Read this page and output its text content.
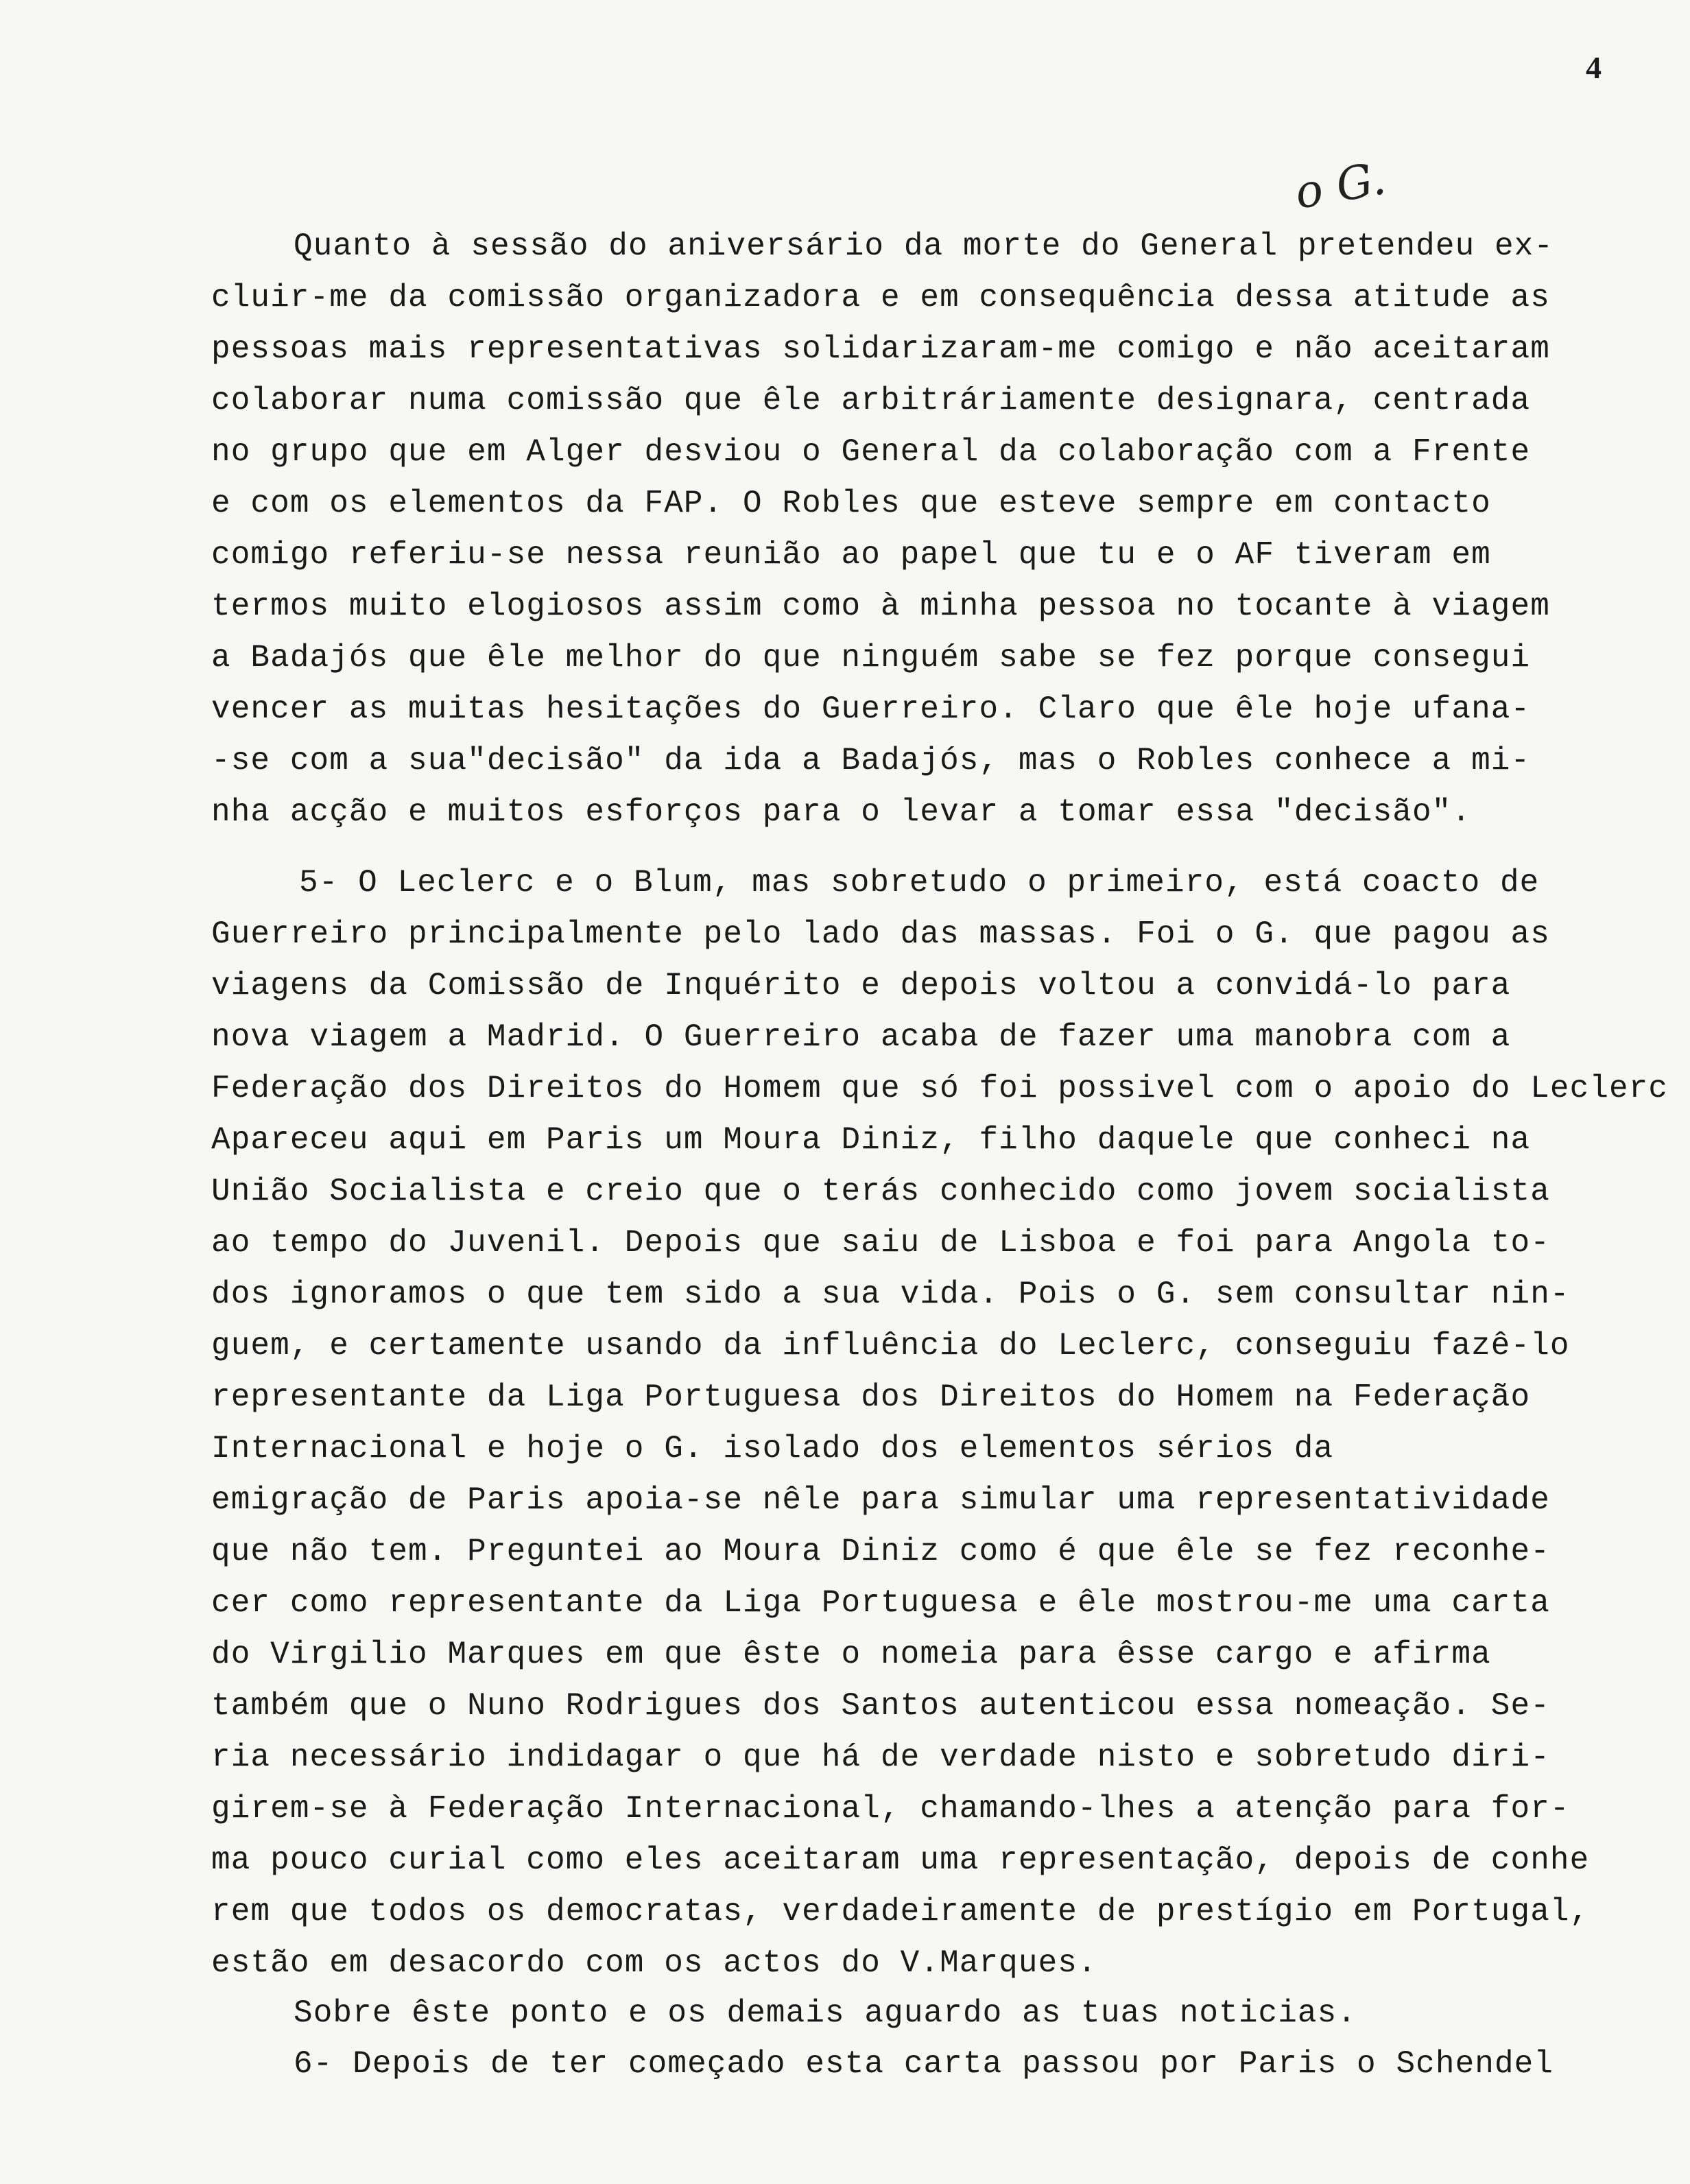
4
o G.
Quanto à sessão do aniversário da morte do General pretendeu ex-
cluir-me da comissão organizadora e em consequência dessa atitude as
pessoas mais representativas solidarizaram-me comigo e não aceitaram
colaborar numa comissão que êle arbitráriamente designara, centrada
no grupo que em Alger desviou o General da colaboração com a Frente
e com os elementos da FAP. O Robles que esteve sempre em contacto
comigo referiu-se nessa reunião ao papel que tu e o AF tiveram em
termos muito elogiosos assim como à minha pessoa no tocante à viagem
a Badajós que êle melhor do que ninguém sabe se fez porque consegui
vencer as muitas hesitações do Guerreiro. Claro que êle hoje ufana-
-se com a sua"decisão" da ida a Badajós, mas o Robles conhece a mi-
nha acção e muitos esforços para o levar a tomar essa "decisão".
5- O Leclerc e o Blum, mas sobretudo o primeiro, está coacto de
Guerreiro principalmente pelo lado das massas. Foi o G. que pagou as
viagens da Comissão de Inquérito e depois voltou a convidá-lo para
nova viagem a Madrid. O Guerreiro acaba de fazer uma manobra com a
Federação dos Direitos do Homem que só foi possivel com o apoio do Leclerc
Apareceu aqui em Paris um Moura Diniz, filho daquele que conheci na
União Socialista e creio que o terás conhecido como jovem socialista
ao tempo do Juvenil. Depois que saiu de Lisboa e foi para Angola to-
dos ignoramos o que tem sido a sua vida. Pois o G. sem consultar nin-
guem, e certamente usando da influência do Leclerc, conseguiu fazê-lo
representante da Liga Portuguesa dos Direitos do Homem na Federação
Internacional e hoje o G. isolado dos elementos sérios da
emigração de Paris apoia-se nêle para simular uma representatividade
que não tem. Preguntei ao Moura Diniz como é que êle se fez reconhe-
cer como representante da Liga Portuguesa e êle mostrou-me uma carta
do Virgilio Marques em que êste o nomeia para êsse cargo e afirma
também que o Nuno Rodrigues dos Santos autenticou essa nomeação. Se-
ria necessário indidagar o que há de verdade nisto e sobretudo diri-
girem-se à Federação Internacional, chamando-lhes a atenção para for-
ma pouco curial como eles aceitaram uma representação, depois de conhe
rem que todos os democratas, verdadeiramente de prestígio em Portugal,
estão em desacordo com os actos do V.Marques.
Sobre êste ponto e os demais aguardo as tuas noticias.
6- Depois de ter começado esta carta passou por Paris o Schendel
